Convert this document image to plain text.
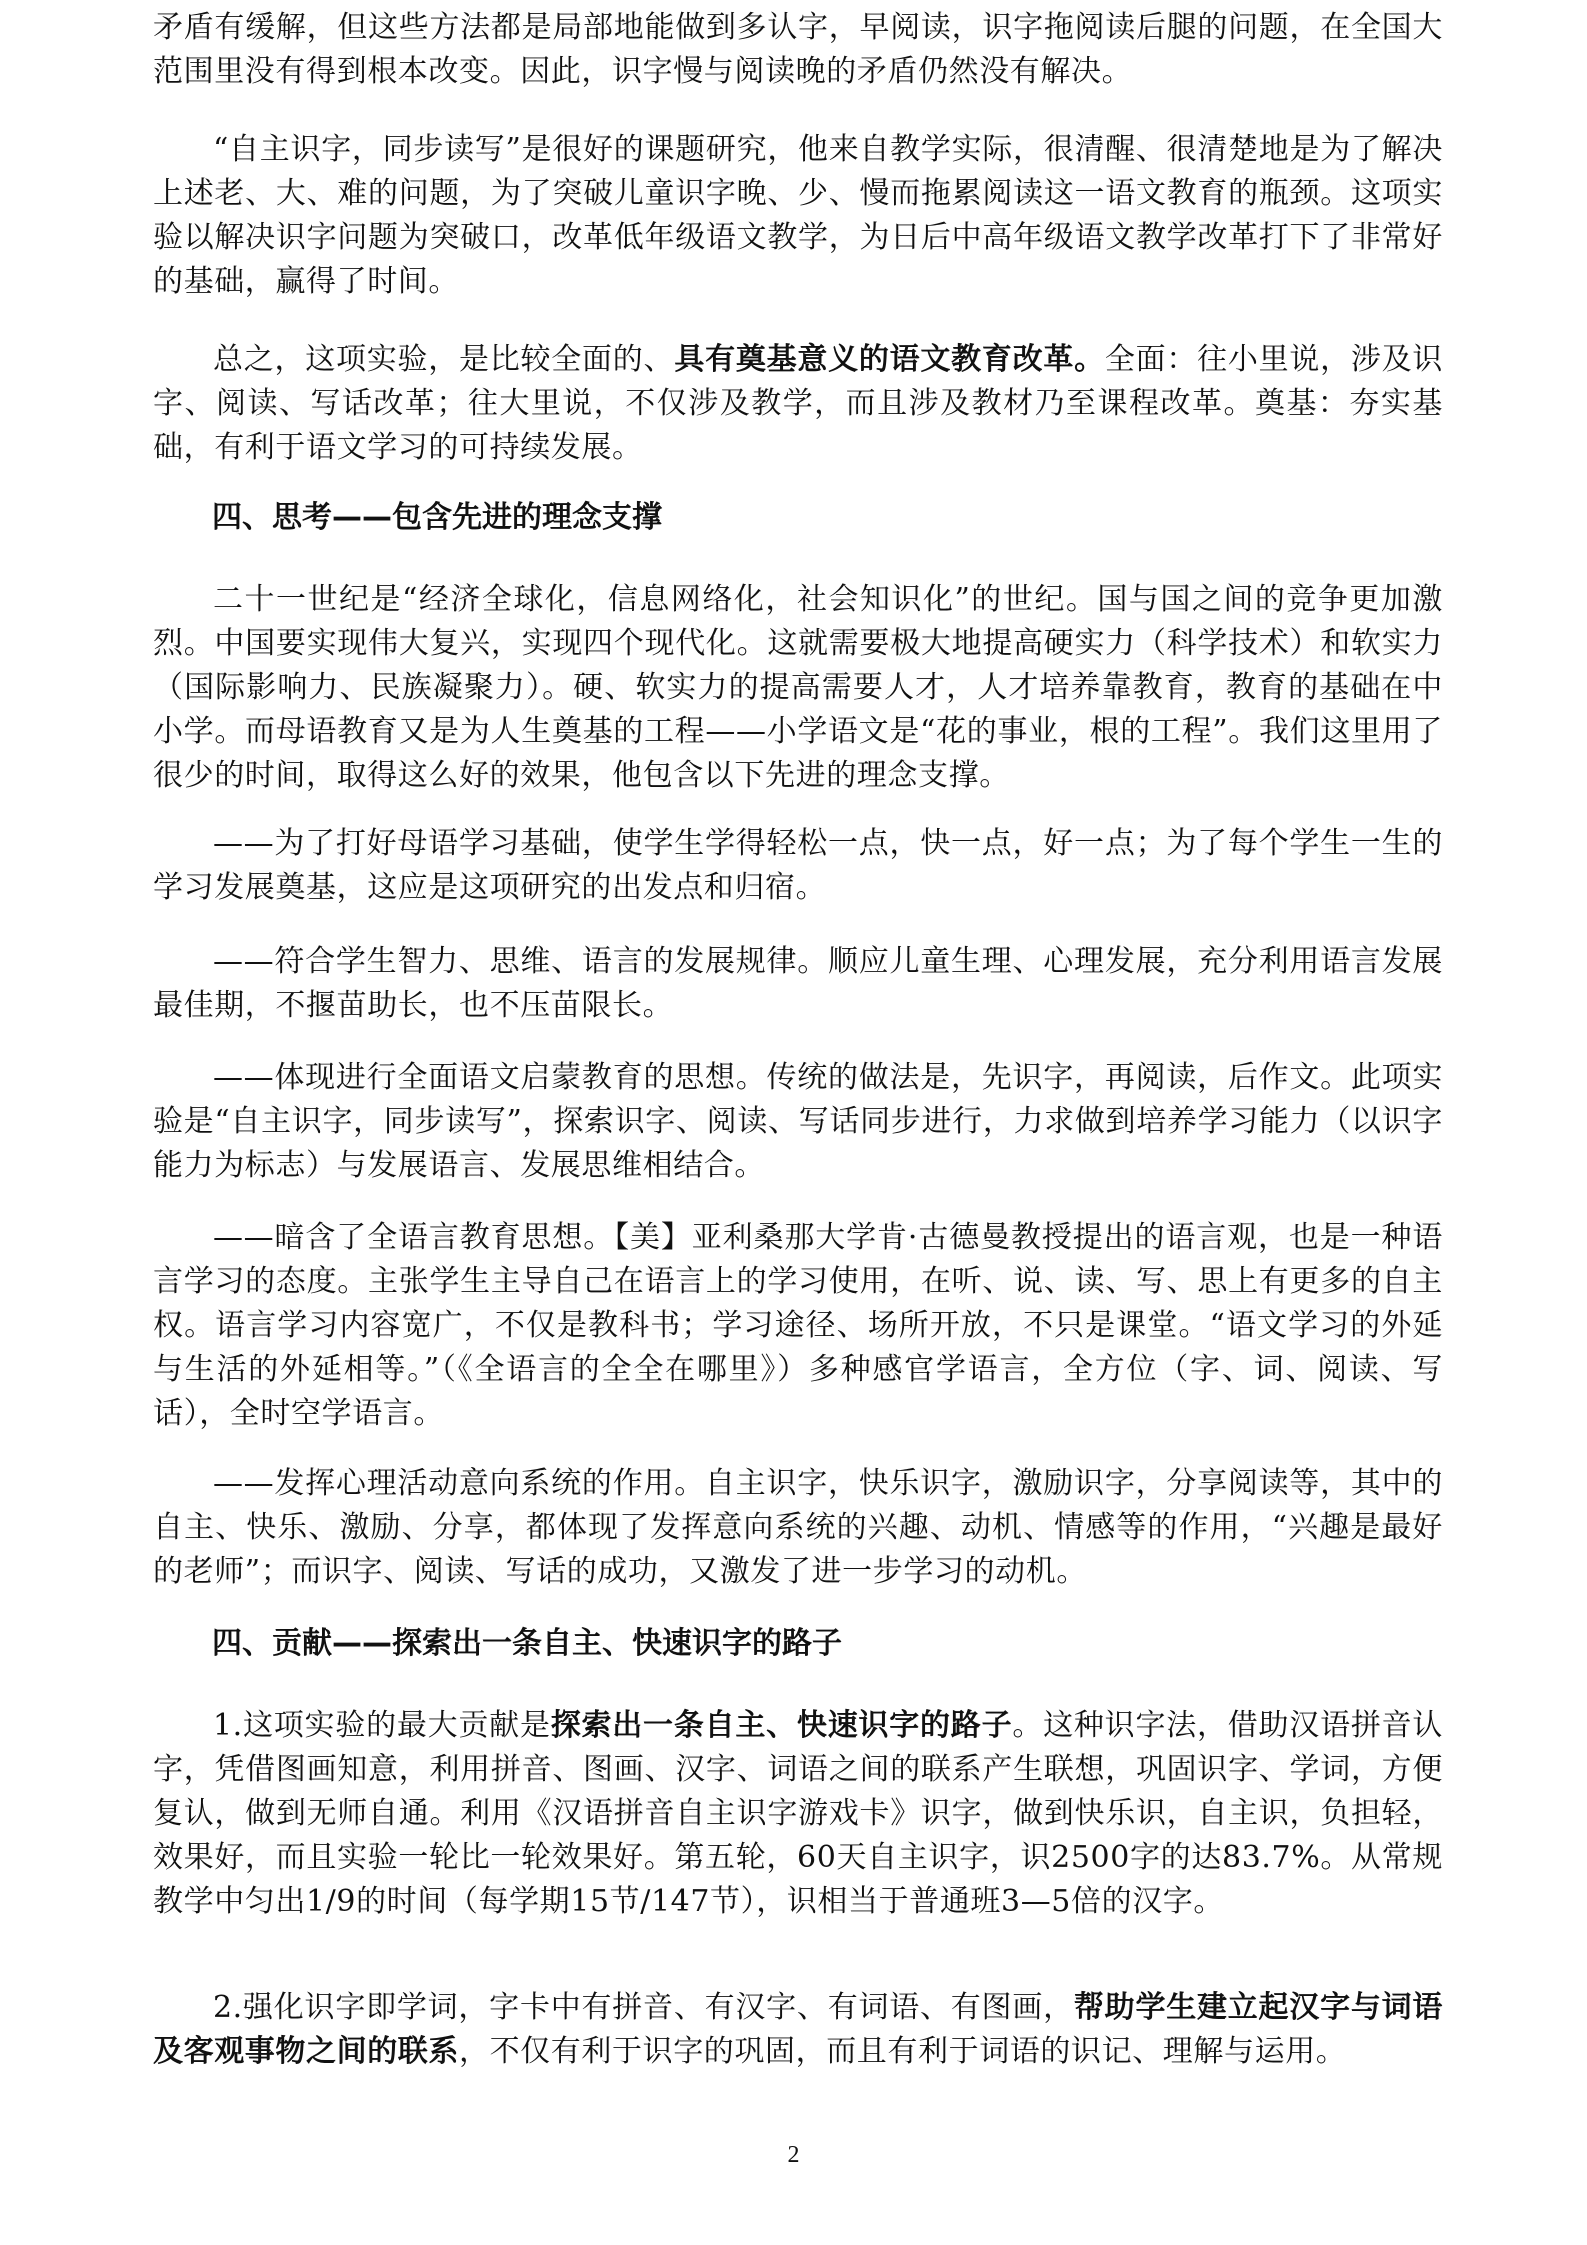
矛盾有缓解，但这些方法都是局部地能做到多认字，早阅读，识字拖阅读后腿的问题，在全国大范围里没有得到根本改变。因此，识字慢与阅读晚的矛盾仍然没有解决。

“自主识字，同步读写”是很好的课题研究，他来自教学实际，很清醒、很清楚地是为了解决上述老、大、难的问题，为了突破儿童识字晚、少、慢而拖累阅读这一语文教育的瓶颈。这项实验以解决识字问题为突破口，改革低年级语文教学，为日后中高年级语文教学改革打下了非常好的基础，赢得了时间。

总之，这项实验，是比较全面的、具有奠基意义的语文教育改革。全面：往小里说，涉及识字、阅读、写话改革；往大里说，不仅涉及教学，而且涉及教材乃至课程改革。奠基：夯实基础，有利于语文学习的可持续发展。

四、思考——包含先进的理念支撑

二十一世纪是“经济全球化，信息网络化，社会知识化”的世纪。国与国之间的竞争更加激烈。中国要实现伟大复兴，实现四个现代化。这就需要极大地提高硬实力（科学技术）和软实力（国际影响力、民族凝聚力）。硬、软实力的提高需要人才，人才培养靠教育，教育的基础在中小学。而母语教育又是为人生奠基的工程——小学语文是“花的事业，根的工程”。我们这里用了很少的时间，取得这么好的效果，他包含以下先进的理念支撑。

——为了打好母语学习基础，使学生学得轻松一点，快一点，好一点；为了每个学生一生的学习发展奠基，这应是这项研究的出发点和归宿。

——符合学生智力、思维、语言的发展规律。顺应儿童生理、心理发展，充分利用语言发展最佳期，不揠苗助长，也不压苗限长。

——体现进行全面语文启蒙教育的思想。传统的做法是，先识字，再阅读，后作文。此项实验是“自主识字，同步读写”，探索识字、阅读、写话同步进行，力求做到培养学习能力（以识字能力为标志）与发展语言、发展思维相结合。

——暗含了全语言教育思想。【美】亚利桑那大学肯·古德曼教授提出的语言观，也是一种语言学习的态度。主张学生主导自己在语言上的学习使用，在听、说、读、写、思上有更多的自主权。语言学习内容宽广，不仅是教科书；学习途径、场所开放，不只是课堂。“语文学习的外延与生活的外延相等。”（《全语言的全全在哪里》）多种感官学语言，全方位（字、词、阅读、写话），全时空学语言。

——发挥心理活动意向系统的作用。自主识字，快乐识字，激励识字，分享阅读等，其中的自主、快乐、激励、分享，都体现了发挥意向系统的兴趣、动机、情感等的作用，“兴趣是最好的老师”；而识字、阅读、写话的成功，又激发了进一步学习的动机。

四、贡献——探索出一条自主、快速识字的路子

1.这项实验的最大贡献是探索出一条自主、快速识字的路子。这种识字法，借助汉语拼音认字，凭借图画知意，利用拼音、图画、汉字、词语之间的联系产生联想，巩固识字、学词，方便复认，做到无师自通。利用《汉语拼音自主识字游戏卡》识字，做到快乐识，自主识，负担轻，效果好，而且实验一轮比一轮效果好。第五轮，60天自主识字，识2500字的达83.7%。从常规教学中匀出1/9的时间（每学期15节/147节），识相当于普通班3—5倍的汉字。

2.强化识字即学词，字卡中有拼音、有汉字、有词语、有图画，帮助学生建立起汉字与词语及客观事物之间的联系，不仅有利于识字的巩固，而且有利于词语的识记、理解与运用。

2
